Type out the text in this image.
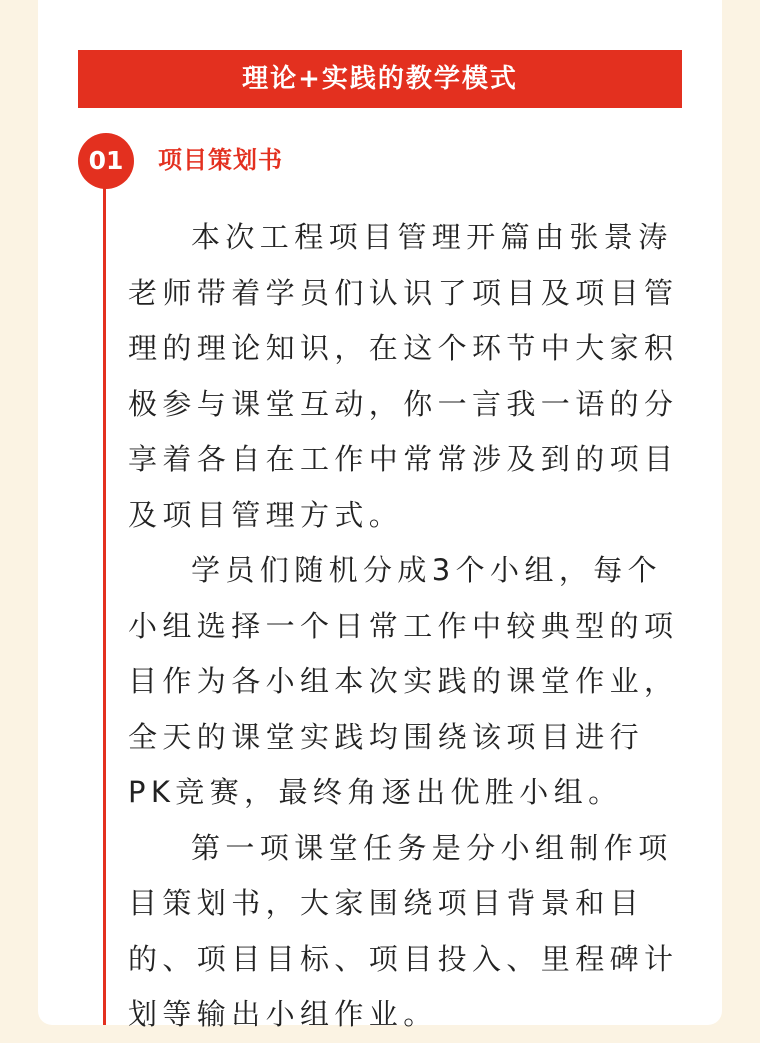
理论+实践的教学模式
01	项目策划书

本次工程项目管理开篇由张景涛老师带着学员们认识了项目及项目管理的理论知识，在这个环节中大家积极参与课堂互动，你一言我一语的分享着各自在工作中常常涉及到的项目及项目管理方式。

学员们随机分成3个小组，每个小组选择一个日常工作中较典型的项目作为各小组本次实践的课堂作业，全天的课堂实践均围绕该项目进行PK竞赛，最终角逐出优胜小组。

第一项课堂任务是分小组制作项目策划书，大家围绕项目背景和目的、项目目标、项目投入、里程碑计划等输出小组作业。
